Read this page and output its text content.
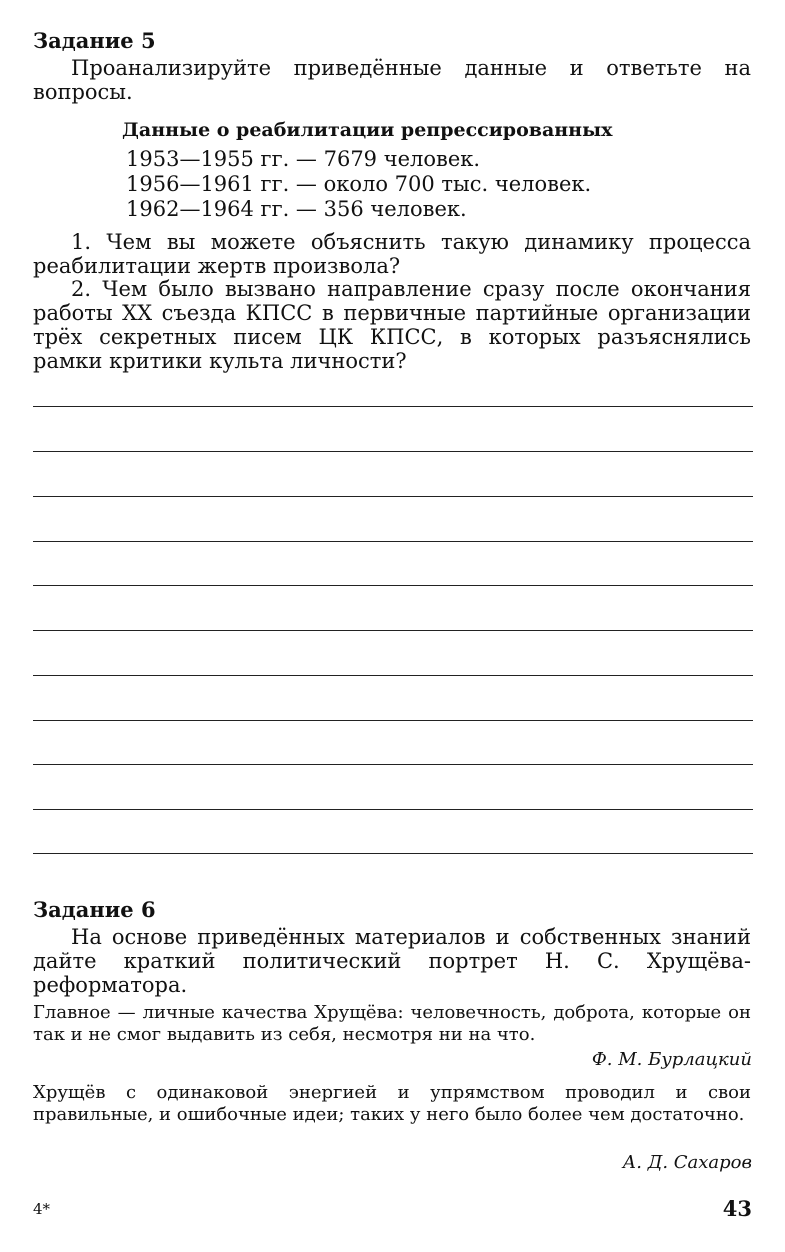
Задание 5

Проанализируйте приведённые данные и ответьте на вопросы.

Данные о реабилитации репрессированных
1953—1955 гг. — 7679 человек.
1956—1961 гг. — около 700 тыс. человек.
1962—1964 гг. — 356 человек.

1. Чем вы можете объяснить такую динамику процесса реабилитации жертв произвола?

2. Чем было вызвано направление сразу после окончания работы XX съезда КПСС в первичные партийные организации трёх секретных писем ЦК КПСС, в которых разъяснялись рамки критики культа личности?

Задание 6

На основе приведённых материалов и собственных знаний дайте краткий политический портрет Н. С. Хрущёва-реформатора.

Главное — личные качества Хрущёва: человечность, доброта, которые он так и не смог выдавить из себя, несмотря ни на что.

Ф. М. Бурлацкий

Хрущёв с одинаковой энергией и упрямством проводил и свои правильные, и ошибочные идеи; таких у него было более чем достаточно.

А. Д. Сахаров
4*	43
